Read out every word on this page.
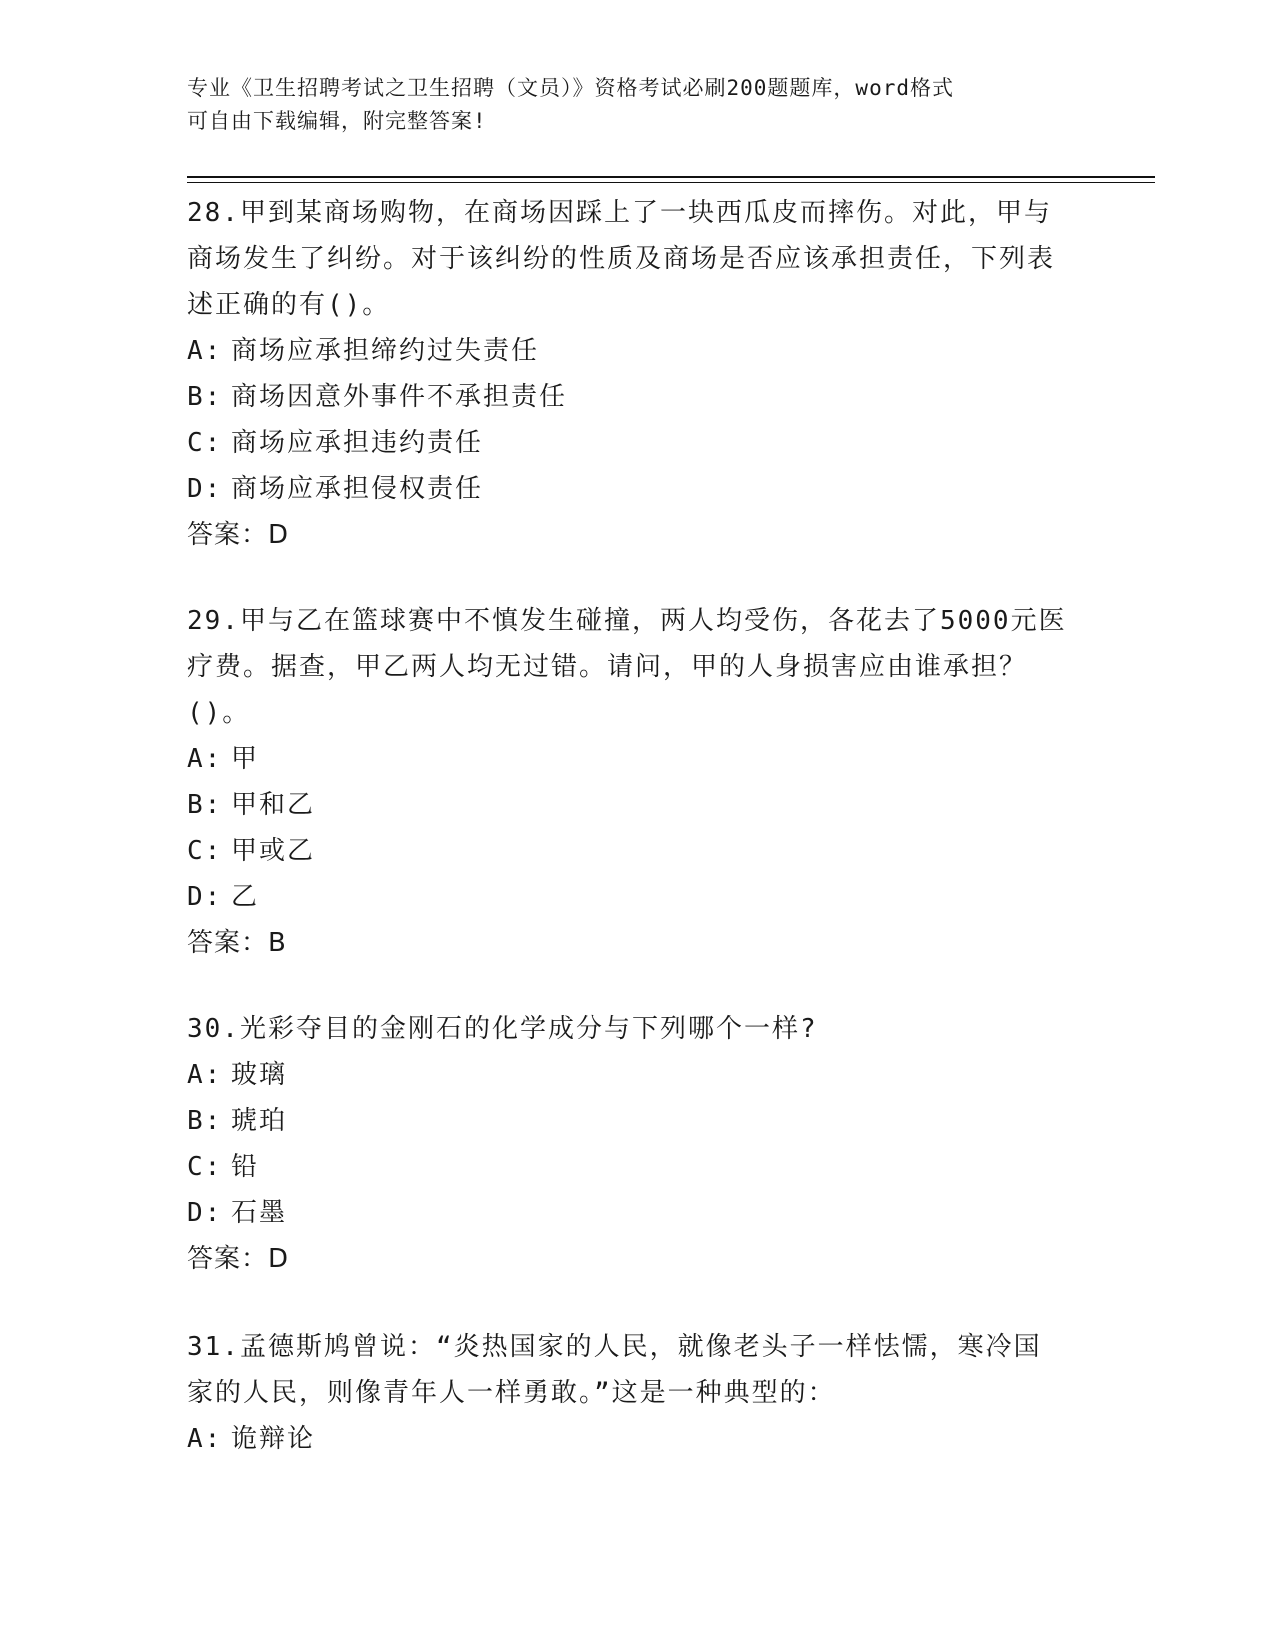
专业《卫生招聘考试之卫生招聘（文员）》资格考试必刷200题题库，word格式
可自由下载编辑，附完整答案!

28.甲到某商场购物，在商场因踩上了一块西瓜皮而摔伤。对此，甲与商场发生了纠纷。对于该纠纷的性质及商场是否应该承担责任，下列表述正确的有()。

A: 商场应承担缔约过失责任

B: 商场因意外事件不承担责任

C: 商场应承担违约责任

D: 商场应承担侵权责任

答案：D

29.甲与乙在篮球赛中不慎发生碰撞，两人均受伤，各花去了5000元医疗费。据查，甲乙两人均无过错。请问，甲的人身损害应由谁承担？()。

A: 甲

B: 甲和乙

C: 甲或乙

D: 乙

答案：B

30.光彩夺目的金刚石的化学成分与下列哪个一样?

A: 玻璃

B: 琥珀

C: 铅

D: 石墨

答案：D

31.孟德斯鸠曾说：“炎热国家的人民，就像老头子一样怯懦，寒冷国家的人民，则像青年人一样勇敢。”这是一种典型的：

A: 诡辩论
